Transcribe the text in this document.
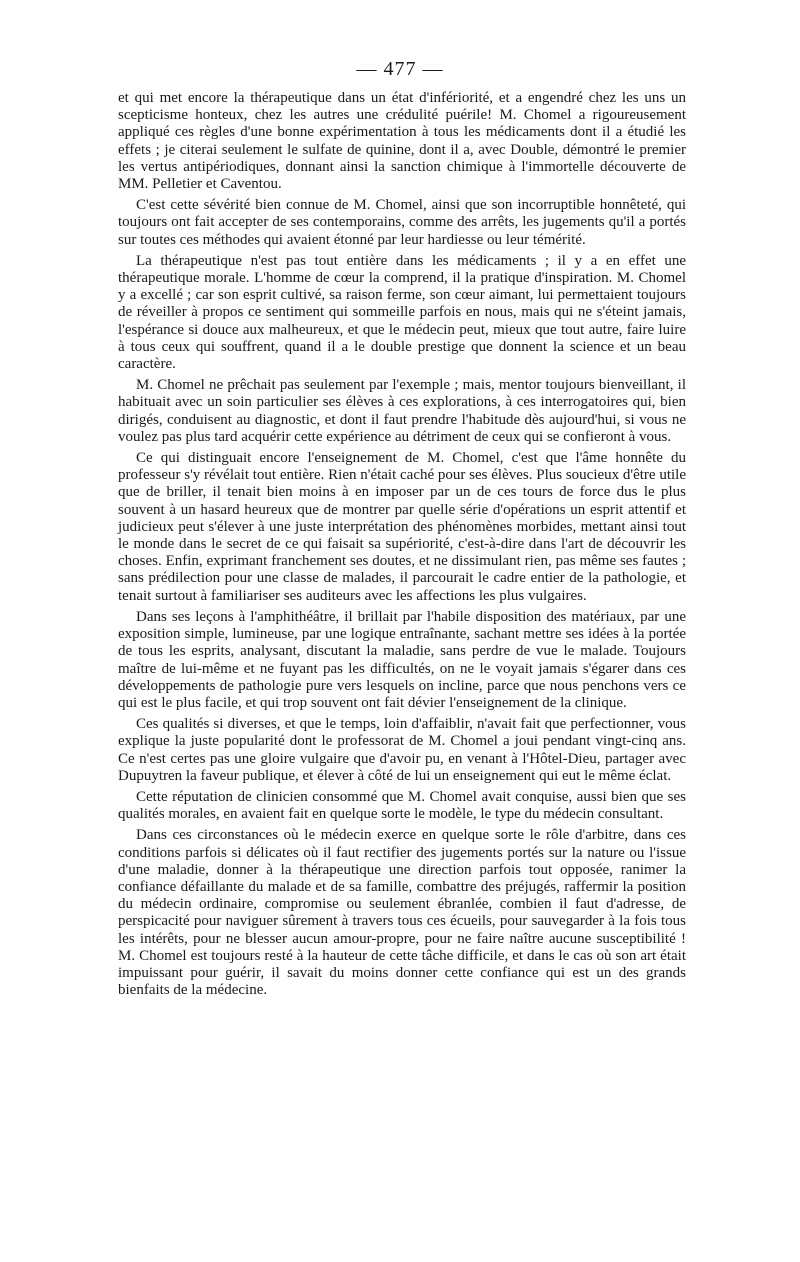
— 477 —

et qui met encore la thérapeutique dans un état d'infériorité, et a engendré chez les uns un scepticisme honteux, chez les autres une crédulité puérile! M. Chomel a rigoureusement appliqué ces règles d'une bonne expérimentation à tous les médicaments dont il a étudié les effets ; je citerai seulement le sulfate de quinine, dont il a, avec Double, démontré le premier les vertus antipériodiques, donnant ainsi la sanction chimique à l'immortelle découverte de MM. Pelletier et Caventou.

C'est cette sévérité bien connue de M. Chomel, ainsi que son incorruptible honnêteté, qui toujours ont fait accepter de ses contemporains, comme des arrêts, les jugements qu'il a portés sur toutes ces méthodes qui avaient étonné par leur hardiesse ou leur témérité.

La thérapeutique n'est pas tout entière dans les médicaments ; il y a en effet une thérapeutique morale. L'homme de cœur la comprend, il la pratique d'inspiration. M. Chomel y a excellé ; car son esprit cultivé, sa raison ferme, son cœur aimant, lui permettaient toujours de réveiller à propos ce sentiment qui sommeille parfois en nous, mais qui ne s'éteint jamais, l'espérance si douce aux malheureux, et que le médecin peut, mieux que tout autre, faire luire à tous ceux qui souffrent, quand il a le double prestige que donnent la science et un beau caractère.

M. Chomel ne prêchait pas seulement par l'exemple ; mais, mentor toujours bienveillant, il habituait avec un soin particulier ses élèves à ces explorations, à ces interrogatoires qui, bien dirigés, conduisent au diagnostic, et dont il faut prendre l'habitude dès aujourd'hui, si vous ne voulez pas plus tard acquérir cette expérience au détriment de ceux qui se confieront à vous.

Ce qui distinguait encore l'enseignement de M. Chomel, c'est que l'âme honnête du professeur s'y révélait tout entière. Rien n'était caché pour ses élèves. Plus soucieux d'être utile que de briller, il tenait bien moins à en imposer par un de ces tours de force dus le plus souvent à un hasard heureux que de montrer par quelle série d'opérations un esprit attentif et judicieux peut s'élever à une juste interprétation des phénomènes morbides, mettant ainsi tout le monde dans le secret de ce qui faisait sa supériorité, c'est-à-dire dans l'art de découvrir les choses. Enfin, exprimant franchement ses doutes, et ne dissimulant rien, pas même ses fautes ; sans prédilection pour une classe de malades, il parcourait le cadre entier de la pathologie, et tenait surtout à familiariser ses auditeurs avec les affections les plus vulgaires.

Dans ses leçons à l'amphithéâtre, il brillait par l'habile disposition des matériaux, par une exposition simple, lumineuse, par une logique entraînante, sachant mettre ses idées à la portée de tous les esprits, analysant, discutant la maladie, sans perdre de vue le malade. Toujours maître de lui-même et ne fuyant pas les difficultés, on ne le voyait jamais s'égarer dans ces développements de pathologie pure vers lesquels on incline, parce que nous penchons vers ce qui est le plus facile, et qui trop souvent ont fait dévier l'enseignement de la clinique.

Ces qualités si diverses, et que le temps, loin d'affaiblir, n'avait fait que perfectionner, vous explique la juste popularité dont le professorat de M. Chomel a joui pendant vingt-cinq ans. Ce n'est certes pas une gloire vulgaire que d'avoir pu, en venant à l'Hôtel-Dieu, partager avec Dupuytren la faveur publique, et élever à côté de lui un enseignement qui eut le même éclat.

Cette réputation de clinicien consommé que M. Chomel avait conquise, aussi bien que ses qualités morales, en avaient fait en quelque sorte le modèle, le type du médecin consultant.

Dans ces circonstances où le médecin exerce en quelque sorte le rôle d'arbitre, dans ces conditions parfois si délicates où il faut rectifier des jugements portés sur la nature ou l'issue d'une maladie, donner à la thérapeutique une direction parfois tout opposée, ranimer la confiance défaillante du malade et de sa famille, combattre des préjugés, raffermir la position du médecin ordinaire, compromise ou seulement ébranlée, combien il faut d'adresse, de perspicacité pour naviguer sûrement à travers tous ces écueils, pour sauvegarder à la fois tous les intérêts, pour ne blesser aucun amour-propre, pour ne faire naître aucune susceptibilité ! M. Chomel est toujours resté à la hauteur de cette tâche difficile, et dans le cas où son art était impuissant pour guérir, il savait du moins donner cette confiance qui est un des grands bienfaits de la médecine.
